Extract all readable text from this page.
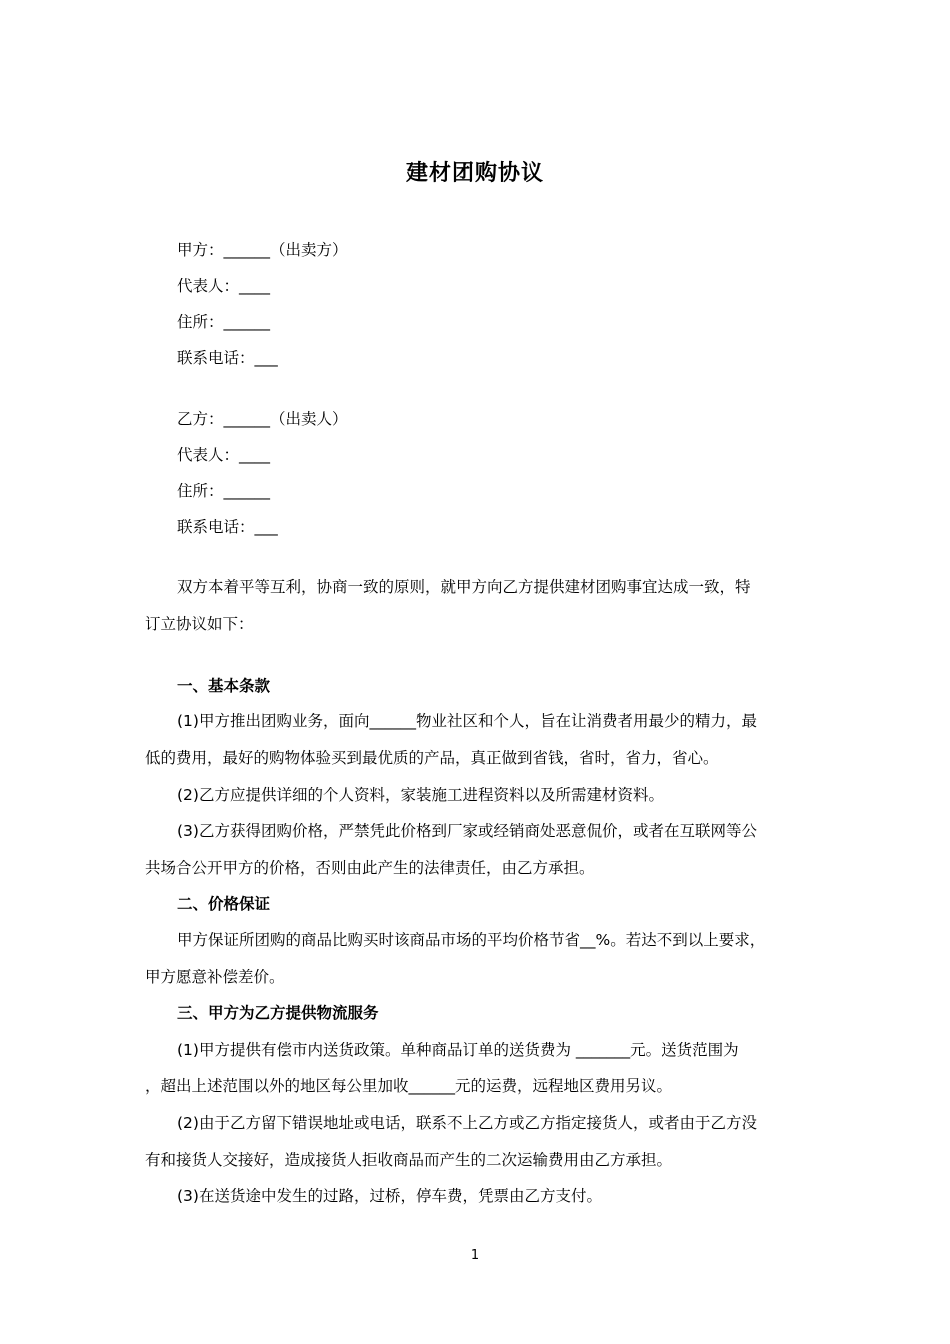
建材团购协议
甲方：______（出卖方）
代表人：____
住所：______
联系电话：___
乙方：______（出卖人）
代表人：____
住所：______
联系电话：___
双方本着平等互利，协商一致的原则，就甲方向乙方提供建材团购事宜达成一致，特
订立协议如下：
一、基本条款
(1)甲方推出团购业务，面向______物业社区和个人，旨在让消费者用最少的精力，最
低的费用，最好的购物体验买到最优质的产品，真正做到省钱，省时，省力，省心。
(2)乙方应提供详细的个人资料，家装施工进程资料以及所需建材资料。
(3)乙方获得团购价格，严禁凭此价格到厂家或经销商处恶意侃价，或者在互联网等公
共场合公开甲方的价格，否则由此产生的法律责任，由乙方承担。
二、价格保证
甲方保证所团购的商品比购买时该商品市场的平均价格节省__%。若达不到以上要求，
甲方愿意补偿差价。
三、甲方为乙方提供物流服务
(1)甲方提供有偿市内送货政策。单种商品订单的送货费为 _______元。送货范围为
，超出上述范围以外的地区每公里加收______元的运费，远程地区费用另议。
(2)由于乙方留下错误地址或电话，联系不上乙方或乙方指定接货人，或者由于乙方没
有和接货人交接好，造成接货人拒收商品而产生的二次运输费用由乙方承担。
(3)在送货途中发生的过路，过桥，停车费，凭票由乙方支付。
1
